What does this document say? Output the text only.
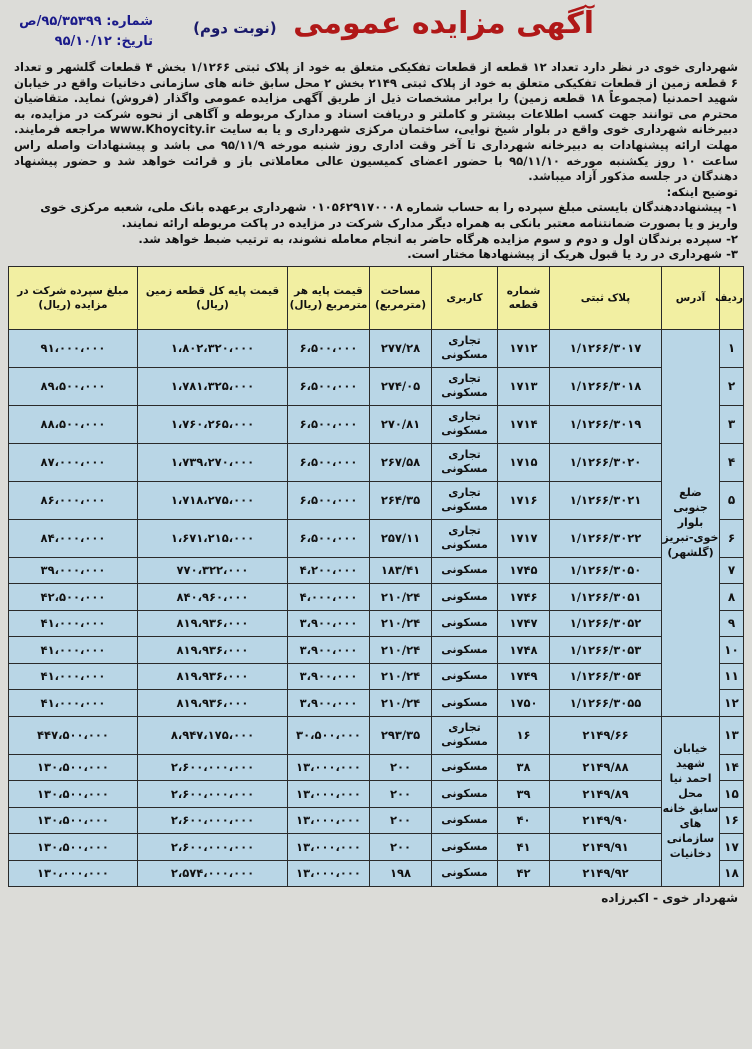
آگهی مزایده عمومی (نوبت دوم)
شماره: ۹۵/۳۵۳۹۹/ص
تاریخ: ۹۵/۱۰/۱۲

شهرداری خوی در نظر دارد تعداد ۱۲ قطعه از قطعات تفکیکی متعلق به خود از پلاک ثبتی ۱/۱۲۶۶ بخش ۴ قطعات گلشهر و تعداد ۶ قطعه زمین از قطعات تفکیکی متعلق به خود از پلاک ثبتی ۲۱۴۹ بخش ۲ محل سابق خانه های سازمانی دخانیات واقع در خیابان شهید احمدنیا (مجموعاً ۱۸ قطعه زمین) را برابر مشخصات ذیل از طریق آگهی مزایده عمومی واگذار (فروش) نماید. متقاضیان محترم می توانند جهت کسب اطلاعات بیشتر و کاملتر و دریافت اسناد و مدارک مربوطه و آگاهی از نحوه شرکت در مزایده، به دبیرخانه شهرداری خوی واقع در بلوار شیخ نوایی، ساختمان مرکزی شهرداری و یا به سایت www.Khoycity.ir مراجعه فرمایند. مهلت ارائه پیشنهادات به دبیرخانه شهرداری تا آخر وقت اداری روز شنبه مورخه ۹۵/۱۱/۹ می باشد و پیشنهادات واصله راس ساعت ۱۰ روز یکشنبه مورخه ۹۵/۱۱/۱۰ با حضور اعضای کمیسیون عالی معاملاتی باز و قرائت خواهد شد و حضور پیشنهاد دهندگان در جلسه مذکور آزاد میباشد.

توضیح اینکه:
۱- پیشنهاددهندگان بایستی مبلغ سپرده را به حساب شماره ۰۱۰۵۶۲۹۱۷۰۰۰۸ شهرداری برعهده بانک ملی، شعبه مرکزی خوی واریز و یا بصورت ضمانتنامه معتبر بانکی به همراه دیگر مدارک شرکت در مزایده در پاکت مربوطه ارائه نمایند.
۲- سپرده برندگان اول و دوم و سوم مزایده هرگاه حاضر به انجام معامله نشوند، به ترتیب ضبط خواهد شد.
۳- شهرداری در رد یا قبول هریک از پیشنهادها مختار است.
ردیف	آدرس	پلاک ثبتی	شماره قطعه	کاربری	مساحت (مترمربع)	قیمت پایه هر مترمربع (ریال)	قیمت پایه کل قطعه زمین (ریال)	مبلغ سپرده شرکت در مزایده (ریال)
۱	ضلع جنوبی بلوار خوی-تبریز (گلشهر)	۱/۱۲۶۶/۳۰۱۷	۱۷۱۲	تجاری مسکونی	۲۷۷/۲۸	۶،۵۰۰،۰۰۰	۱،۸۰۲،۳۲۰،۰۰۰	۹۱،۰۰۰،۰۰۰
۲		۱/۱۲۶۶/۳۰۱۸	۱۷۱۳	تجاری مسکونی	۲۷۴/۰۵	۶،۵۰۰،۰۰۰	۱،۷۸۱،۳۲۵،۰۰۰	۸۹،۵۰۰،۰۰۰
۳		۱/۱۲۶۶/۳۰۱۹	۱۷۱۴	تجاری مسکونی	۲۷۰/۸۱	۶،۵۰۰،۰۰۰	۱،۷۶۰،۲۶۵،۰۰۰	۸۸،۵۰۰،۰۰۰
۴		۱/۱۲۶۶/۳۰۲۰	۱۷۱۵	تجاری مسکونی	۲۶۷/۵۸	۶،۵۰۰،۰۰۰	۱،۷۳۹،۲۷۰،۰۰۰	۸۷،۰۰۰،۰۰۰
۵		۱/۱۲۶۶/۳۰۲۱	۱۷۱۶	تجاری مسکونی	۲۶۴/۳۵	۶،۵۰۰،۰۰۰	۱،۷۱۸،۲۷۵،۰۰۰	۸۶،۰۰۰،۰۰۰
۶		۱/۱۲۶۶/۳۰۲۲	۱۷۱۷	تجاری مسکونی	۲۵۷/۱۱	۶،۵۰۰،۰۰۰	۱،۶۷۱،۲۱۵،۰۰۰	۸۴،۰۰۰،۰۰۰
۷		۱/۱۲۶۶/۳۰۵۰	۱۷۴۵	مسکونی	۱۸۳/۴۱	۴،۲۰۰،۰۰۰	۷۷۰،۳۲۲،۰۰۰	۳۹،۰۰۰،۰۰۰
۸		۱/۱۲۶۶/۳۰۵۱	۱۷۴۶	مسکونی	۲۱۰/۲۴	۴،۰۰۰،۰۰۰	۸۴۰،۹۶۰،۰۰۰	۴۲،۵۰۰،۰۰۰
۹		۱/۱۲۶۶/۳۰۵۲	۱۷۴۷	مسکونی	۲۱۰/۲۴	۳،۹۰۰،۰۰۰	۸۱۹،۹۳۶،۰۰۰	۴۱،۰۰۰،۰۰۰
۱۰		۱/۱۲۶۶/۳۰۵۳	۱۷۴۸	مسکونی	۲۱۰/۲۴	۳،۹۰۰،۰۰۰	۸۱۹،۹۳۶،۰۰۰	۴۱،۰۰۰،۰۰۰
۱۱		۱/۱۲۶۶/۳۰۵۴	۱۷۴۹	مسکونی	۲۱۰/۲۴	۳،۹۰۰،۰۰۰	۸۱۹،۹۳۶،۰۰۰	۴۱،۰۰۰،۰۰۰
۱۲		۱/۱۲۶۶/۳۰۵۵	۱۷۵۰	مسکونی	۲۱۰/۲۴	۳،۹۰۰،۰۰۰	۸۱۹،۹۳۶،۰۰۰	۴۱،۰۰۰،۰۰۰
۱۳	خیابان شهید احمد نیا محل سابق خانه های سازمانی دخانیات	۲۱۴۹/۶۶	۱۶	تجاری مسکونی	۲۹۳/۳۵	۳۰،۵۰۰،۰۰۰	۸،۹۴۷،۱۷۵،۰۰۰	۴۴۷،۵۰۰،۰۰۰
۱۴		۲۱۴۹/۸۸	۳۸	مسکونی	۲۰۰	۱۳،۰۰۰،۰۰۰	۲،۶۰۰،۰۰۰،۰۰۰	۱۳۰،۵۰۰،۰۰۰
۱۵		۲۱۴۹/۸۹	۳۹	مسکونی	۲۰۰	۱۳،۰۰۰،۰۰۰	۲،۶۰۰،۰۰۰،۰۰۰	۱۳۰،۵۰۰،۰۰۰
۱۶		۲۱۴۹/۹۰	۴۰	مسکونی	۲۰۰	۱۳،۰۰۰،۰۰۰	۲،۶۰۰،۰۰۰،۰۰۰	۱۳۰،۵۰۰،۰۰۰
۱۷		۲۱۴۹/۹۱	۴۱	مسکونی	۲۰۰	۱۳،۰۰۰،۰۰۰	۲،۶۰۰،۰۰۰،۰۰۰	۱۳۰،۵۰۰،۰۰۰
۱۸		۲۱۴۹/۹۲	۴۲	مسکونی	۱۹۸	۱۳،۰۰۰،۰۰۰	۲،۵۷۴،۰۰۰،۰۰۰	۱۳۰،۰۰۰،۰۰۰
شهردار خوی - اکبرزاده
